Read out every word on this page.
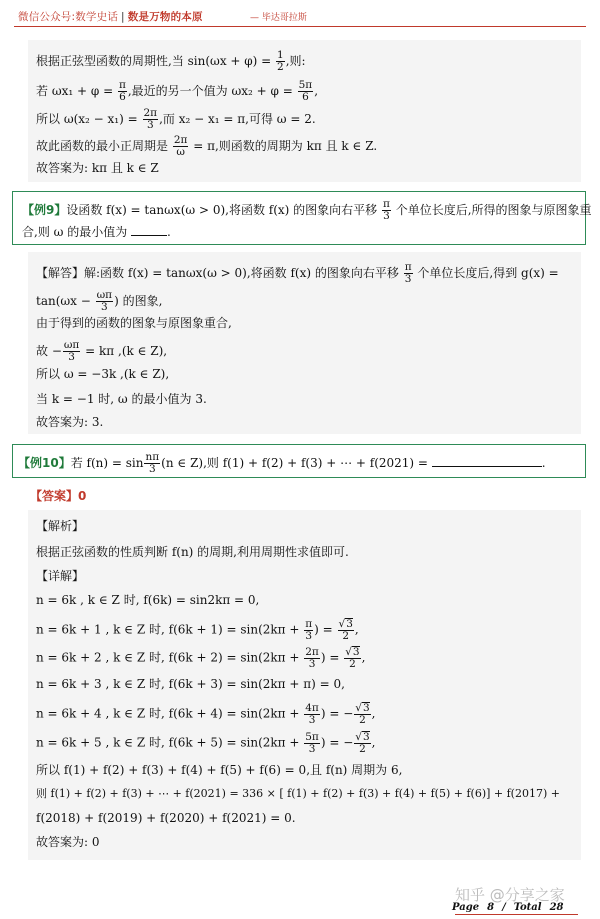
微信公众号:数学史话 | 数是万物的本原	— 毕达哥拉斯
根据正弦型函数的周期性,当 $\sin(\omega x + \varphi) = \frac{1}{2}$ ,则:
若 $\omega x_1 + \varphi = \frac{\pi}{6}$ ,最近的另一个值为 $\omega x_2 + \varphi = \frac{5\pi}{6}$ ,
所以 $\omega(x_2 - x_1) = \frac{2\pi}{3}$ ,而 x₂ − x₁ = π,可得 ω = 2.
故此函数的最小正周期是 $\frac{2\pi}{\omega} = \pi$,则函数的周期为 kπ 且 k ∈ Z.
故答案为: kπ 且 k ∈ Z
【例9】设函数 f(x) = tanωx(ω > 0),将函数 f(x) 的图象向右平移 $\frac{\pi}{3}$ 个单位长度后,所得的图象与原图象重
合,则 ω 的最小值为	.
【解答】解:函数 f(x) = tanωx(ω > 0),将函数 f(x) 的图象向右平移 $\frac{\pi}{3}$ 个单位长度后,得到 g(x) =
$\tan(\omega x - \frac{\omega\pi}{3}$ ) 的图象,
由于得到的函数的图象与原图象重合,
故 − $\frac{\omega\pi}{3} = k\pi$ ,(k ∈ Z),
所以 ω = −3k ,(k ∈ Z),
当 k = −1 时, ω 的最小值为 3.
故答案为: 3.
【例10】若 $f(n) = \sin \frac{n\pi}{3} (n$ ∈ Z),则 f(1) + f(2) + f(3) + ⋯ + f(2021) =	.
【答案】0
【解析】
根据正弦函数的性质判断 f(n) 的周期,利用周期性求值即可.
【详解】
n = 6k , k ∈ Z 时, f(6k) = sin2kπ = 0,
n = 6k + 1 , k ∈ Z 时, $f(6k + 1) = \sin(2k\pi + \frac{\pi}{3}$ ) = $\frac{√3}{2}$ ,
n = 6k + 2 , k ∈ Z 时, $f(6k + 2) = \sin(2k\pi + \frac{2\pi}{3}$ ) = $\frac{√3}{2}$ ,
n = 6k + 3 , k ∈ Z 时, f(6k + 3) = sin(2kπ + π) = 0,
n = 6k + 4 , k ∈ Z 时, $f(6k + 4) = \sin(2k\pi + \frac{4\pi}{3}$ ) = − $\frac{√3}{2}$ ,
n = 6k + 5 , k ∈ Z 时, $f(6k + 5) = \sin(2k\pi + \frac{5\pi}{3}$ ) = − $\frac{√3}{2}$ ,
所以 f(1) + f(2) + f(3) + f(4) + f(5) + f(6) = 0,且 f(n) 周期为 6,
则 f(1) + f(2) + f(3) + ⋯ + f(2021) = 336 × [ f(1) + f(2) + f(3) + f(4) + f(5) + f(6)] + f(2017) +
f(2018) + f(2019) + f(2020) + f(2021) = 0.
故答案为: 0
知乎 @分享之家
Page 8 / Total 28
